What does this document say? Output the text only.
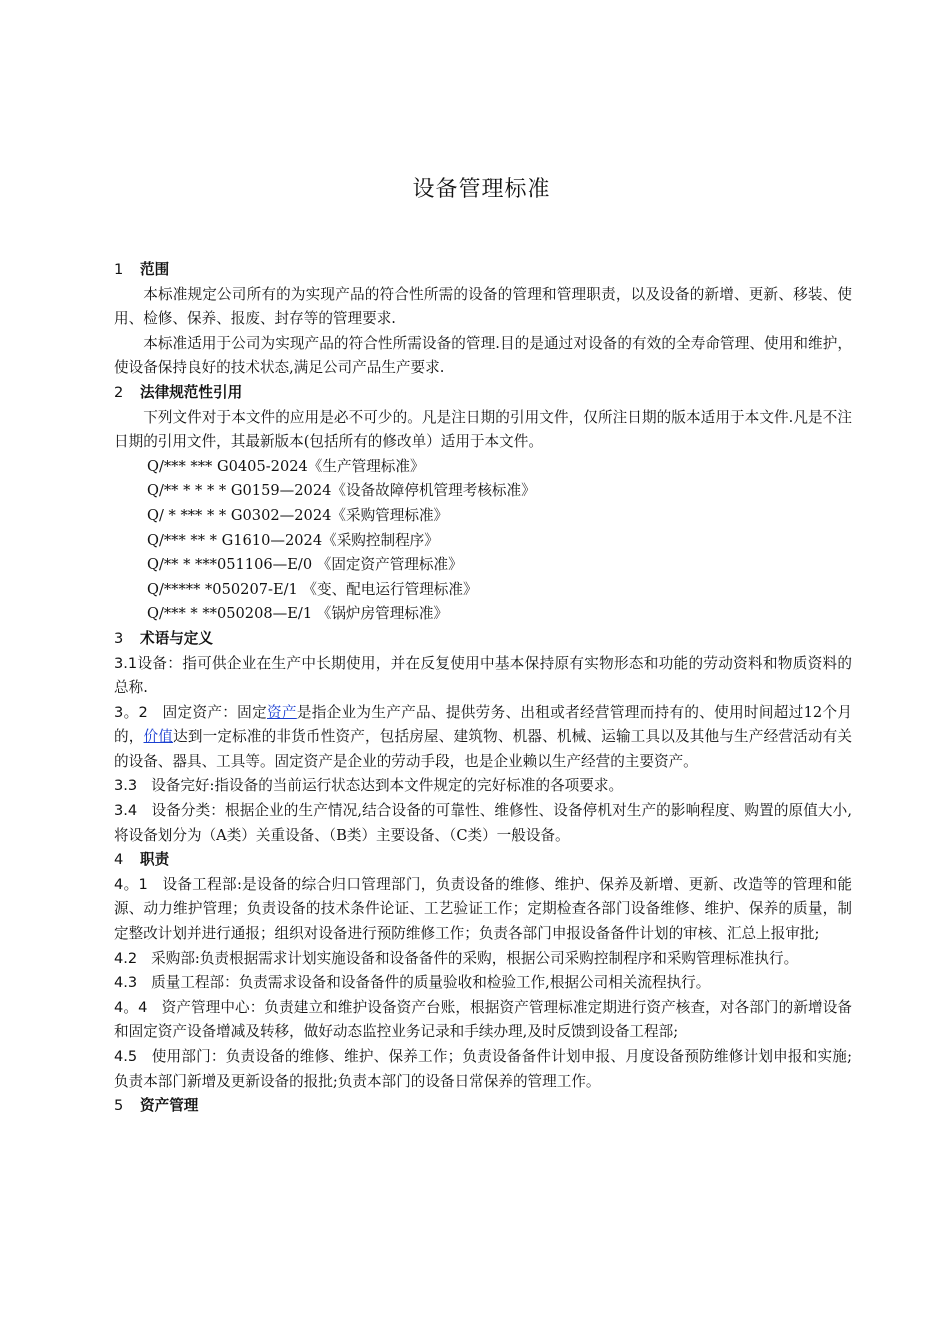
设备管理标准

1 范围

本标准规定公司所有的为实现产品的符合性所需的设备的管理和管理职责，以及设备的新增、更新、移装、使用、检修、保养、报废、封存等的管理要求.

本标准适用于公司为实现产品的符合性所需设备的管理.目的是通过对设备的有效的全寿命管理、使用和维护，使设备保持良好的技术状态,满足公司产品生产要求.

2 法律规范性引用

下列文件对于本文件的应用是必不可少的。凡是注日期的引用文件，仅所注日期的版本适用于本文件.凡是不注日期的引用文件，其最新版本(包括所有的修改单）适用于本文件。

Q/*** *** G0405-2024《生产管理标准》

Q/** * * * * G0159—2024《设备故障停机管理考核标准》

Q/ * *** * * G0302—2024《采购管理标准》

Q/*** ** * G1610—2024《采购控制程序》

Q/** * ***051106—E/0 《固定资产管理标准》

Q/***** *050207-E/1 《变、配电运行管理标准》

Q/*** * **050208—E/1 《锅炉房管理标准》

3 术语与定义

3.1设备：指可供企业在生产中长期使用，并在反复使用中基本保持原有实物形态和功能的劳动资料和物质资料的总称.

3。2 固定资产：固定资产是指企业为生产产品、提供劳务、出租或者经营管理而持有的、使用时间超过12个月的，价值达到一定标准的非货币性资产，包括房屋、建筑物、机器、机械、运输工具以及其他与生产经营活动有关的设备、器具、工具等。固定资产是企业的劳动手段，也是企业赖以生产经营的主要资产。

3.3 设备完好:指设备的当前运行状态达到本文件规定的完好标准的各项要求。

3.4 设备分类：根据企业的生产情况,结合设备的可靠性、维修性、设备停机对生产的影响程度、购置的原值大小,将设备划分为（A类）关重设备、（B类）主要设备、（C类）一般设备。

4 职责

4。1 设备工程部:是设备的综合归口管理部门，负责设备的维修、维护、保养及新增、更新、改造等的管理和能源、动力维护管理；负责设备的技术条件论证、工艺验证工作；定期检查各部门设备维修、维护、保养的质量，制定整改计划并进行通报；组织对设备进行预防维修工作；负责各部门申报设备备件计划的审核、汇总上报审批;

4.2 采购部:负责根据需求计划实施设备和设备备件的采购，根据公司采购控制程序和采购管理标准执行。

4.3 质量工程部：负责需求设备和设备备件的质量验收和检验工作,根据公司相关流程执行。

4。4 资产管理中心：负责建立和维护设备资产台账，根据资产管理标准定期进行资产核查，对各部门的新增设备和固定资产设备增减及转移，做好动态监控业务记录和手续办理,及时反馈到设备工程部;

4.5 使用部门：负责设备的维修、维护、保养工作；负责设备备件计划申报、月度设备预防维修计划申报和实施;负责本部门新增及更新设备的报批;负责本部门的设备日常保养的管理工作。

5 资产管理
